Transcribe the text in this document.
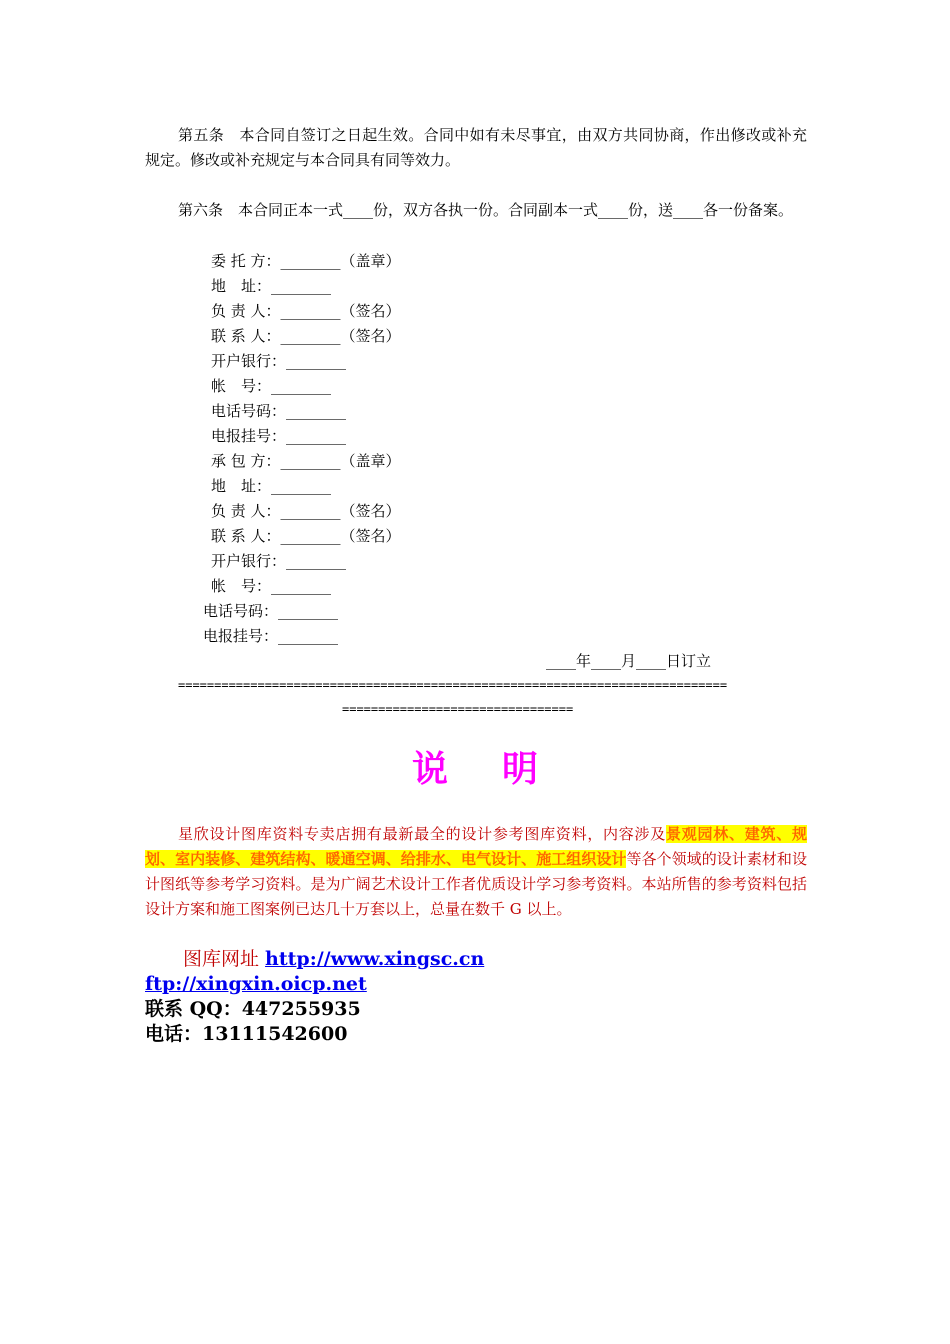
第五条　本合同自签订之日起生效。合同中如有未尽事宜，由双方共同协商，作出修改或补充规定。修改或补充规定与本合同具有同等效力。

第六条　本合同正本一式____份，双方各执一份。合同副本一式____份，送____各一份备案。

委 托 方：________（盖章）

地　址：________

负 责 人：________（签名）

联 系 人：________（签名）

开户银行：________

帐　号：________

电话号码：________

电报挂号：________

承 包 方：________（盖章）

地　址：________

负 责 人：________（签名）

联 系 人：________（签名）

开户银行：________

帐　号：________

电话号码：________

电报挂号：________

____年____月____日订立

============================================================================

================================

说明

星欣设计图库资料专卖店拥有最新最全的设计参考图库资料，内容涉及景观园林、建筑、规划、室内装修、建筑结构、暖通空调、给排水、电气设计、施工组织设计等各个领域的设计素材和设计图纸等参考学习资料。是为广阔艺术设计工作者优质设计学习参考资料。本站所售的参考资料包括设计方案和施工图案例已达几十万套以上，总量在数千 G 以上。

图库网址 http://www.xingsc.cn

ftp://xingxin.oicp.net

联系 QQ：447255935

电话：13111542600
